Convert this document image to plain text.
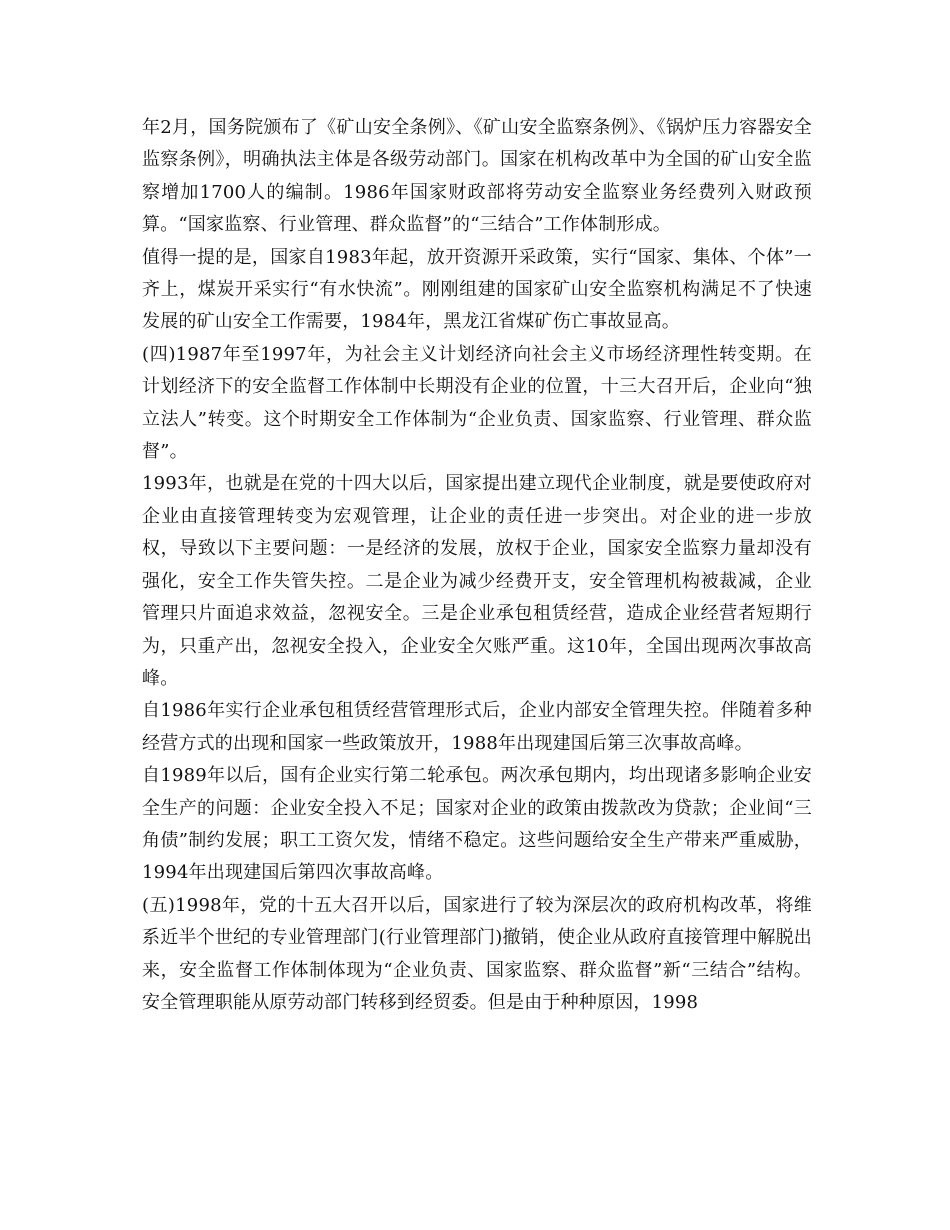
年2月，国务院颁布了《矿山安全条例》、《矿山安全监察条例》、《锅炉压力容器安全监察条例》，明确执法主体是各级劳动部门。国家在机构改革中为全国的矿山安全监察增加1700人的编制。1986年国家财政部将劳动安全监察业务经费列入财政预算。“国家监察、行业管理、群众监督”的“三结合”工作体制形成。

值得一提的是，国家自1983年起，放开资源开采政策，实行“国家、集体、个体”一齐上，煤炭开采实行“有水快流”。刚刚组建的国家矿山安全监察机构满足不了快速发展的矿山安全工作需要，1984年，黑龙江省煤矿伤亡事故显高。

(四)1987年至1997年，为社会主义计划经济向社会主义市场经济理性转变期。在计划经济下的安全监督工作体制中长期没有企业的位置，十三大召开后，企业向“独立法人”转变。这个时期安全工作体制为“企业负责、国家监察、行业管理、群众监督”。

1993年，也就是在党的十四大以后，国家提出建立现代企业制度，就是要使政府对企业由直接管理转变为宏观管理，让企业的责任进一步突出。对企业的进一步放权，导致以下主要问题：一是经济的发展，放权于企业，国家安全监察力量却没有强化，安全工作失管失控。二是企业为减少经费开支，安全管理机构被裁减，企业管理只片面追求效益，忽视安全。三是企业承包租赁经营，造成企业经营者短期行为，只重产出，忽视安全投入，企业安全欠账严重。这10年，全国出现两次事故高峰。

自1986年实行企业承包租赁经营管理形式后，企业内部安全管理失控。伴随着多种经营方式的出现和国家一些政策放开，1988年出现建国后第三次事故高峰。

自1989年以后，国有企业实行第二轮承包。两次承包期内，均出现诸多影响企业安全生产的问题：企业安全投入不足；国家对企业的政策由拨款改为贷款；企业间“三角债”制约发展；职工工资欠发，情绪不稳定。这些问题给安全生产带来严重威胁，1994年出现建国后第四次事故高峰。

(五)1998年，党的十五大召开以后，国家进行了较为深层次的政府机构改革，将维系近半个世纪的专业管理部门(行业管理部门)撤销，使企业从政府直接管理中解脱出来，安全监督工作体制体现为“企业负责、国家监察、群众监督”新“三结合”结构。安全管理职能从原劳动部门转移到经贸委。但是由于种种原因，1998
